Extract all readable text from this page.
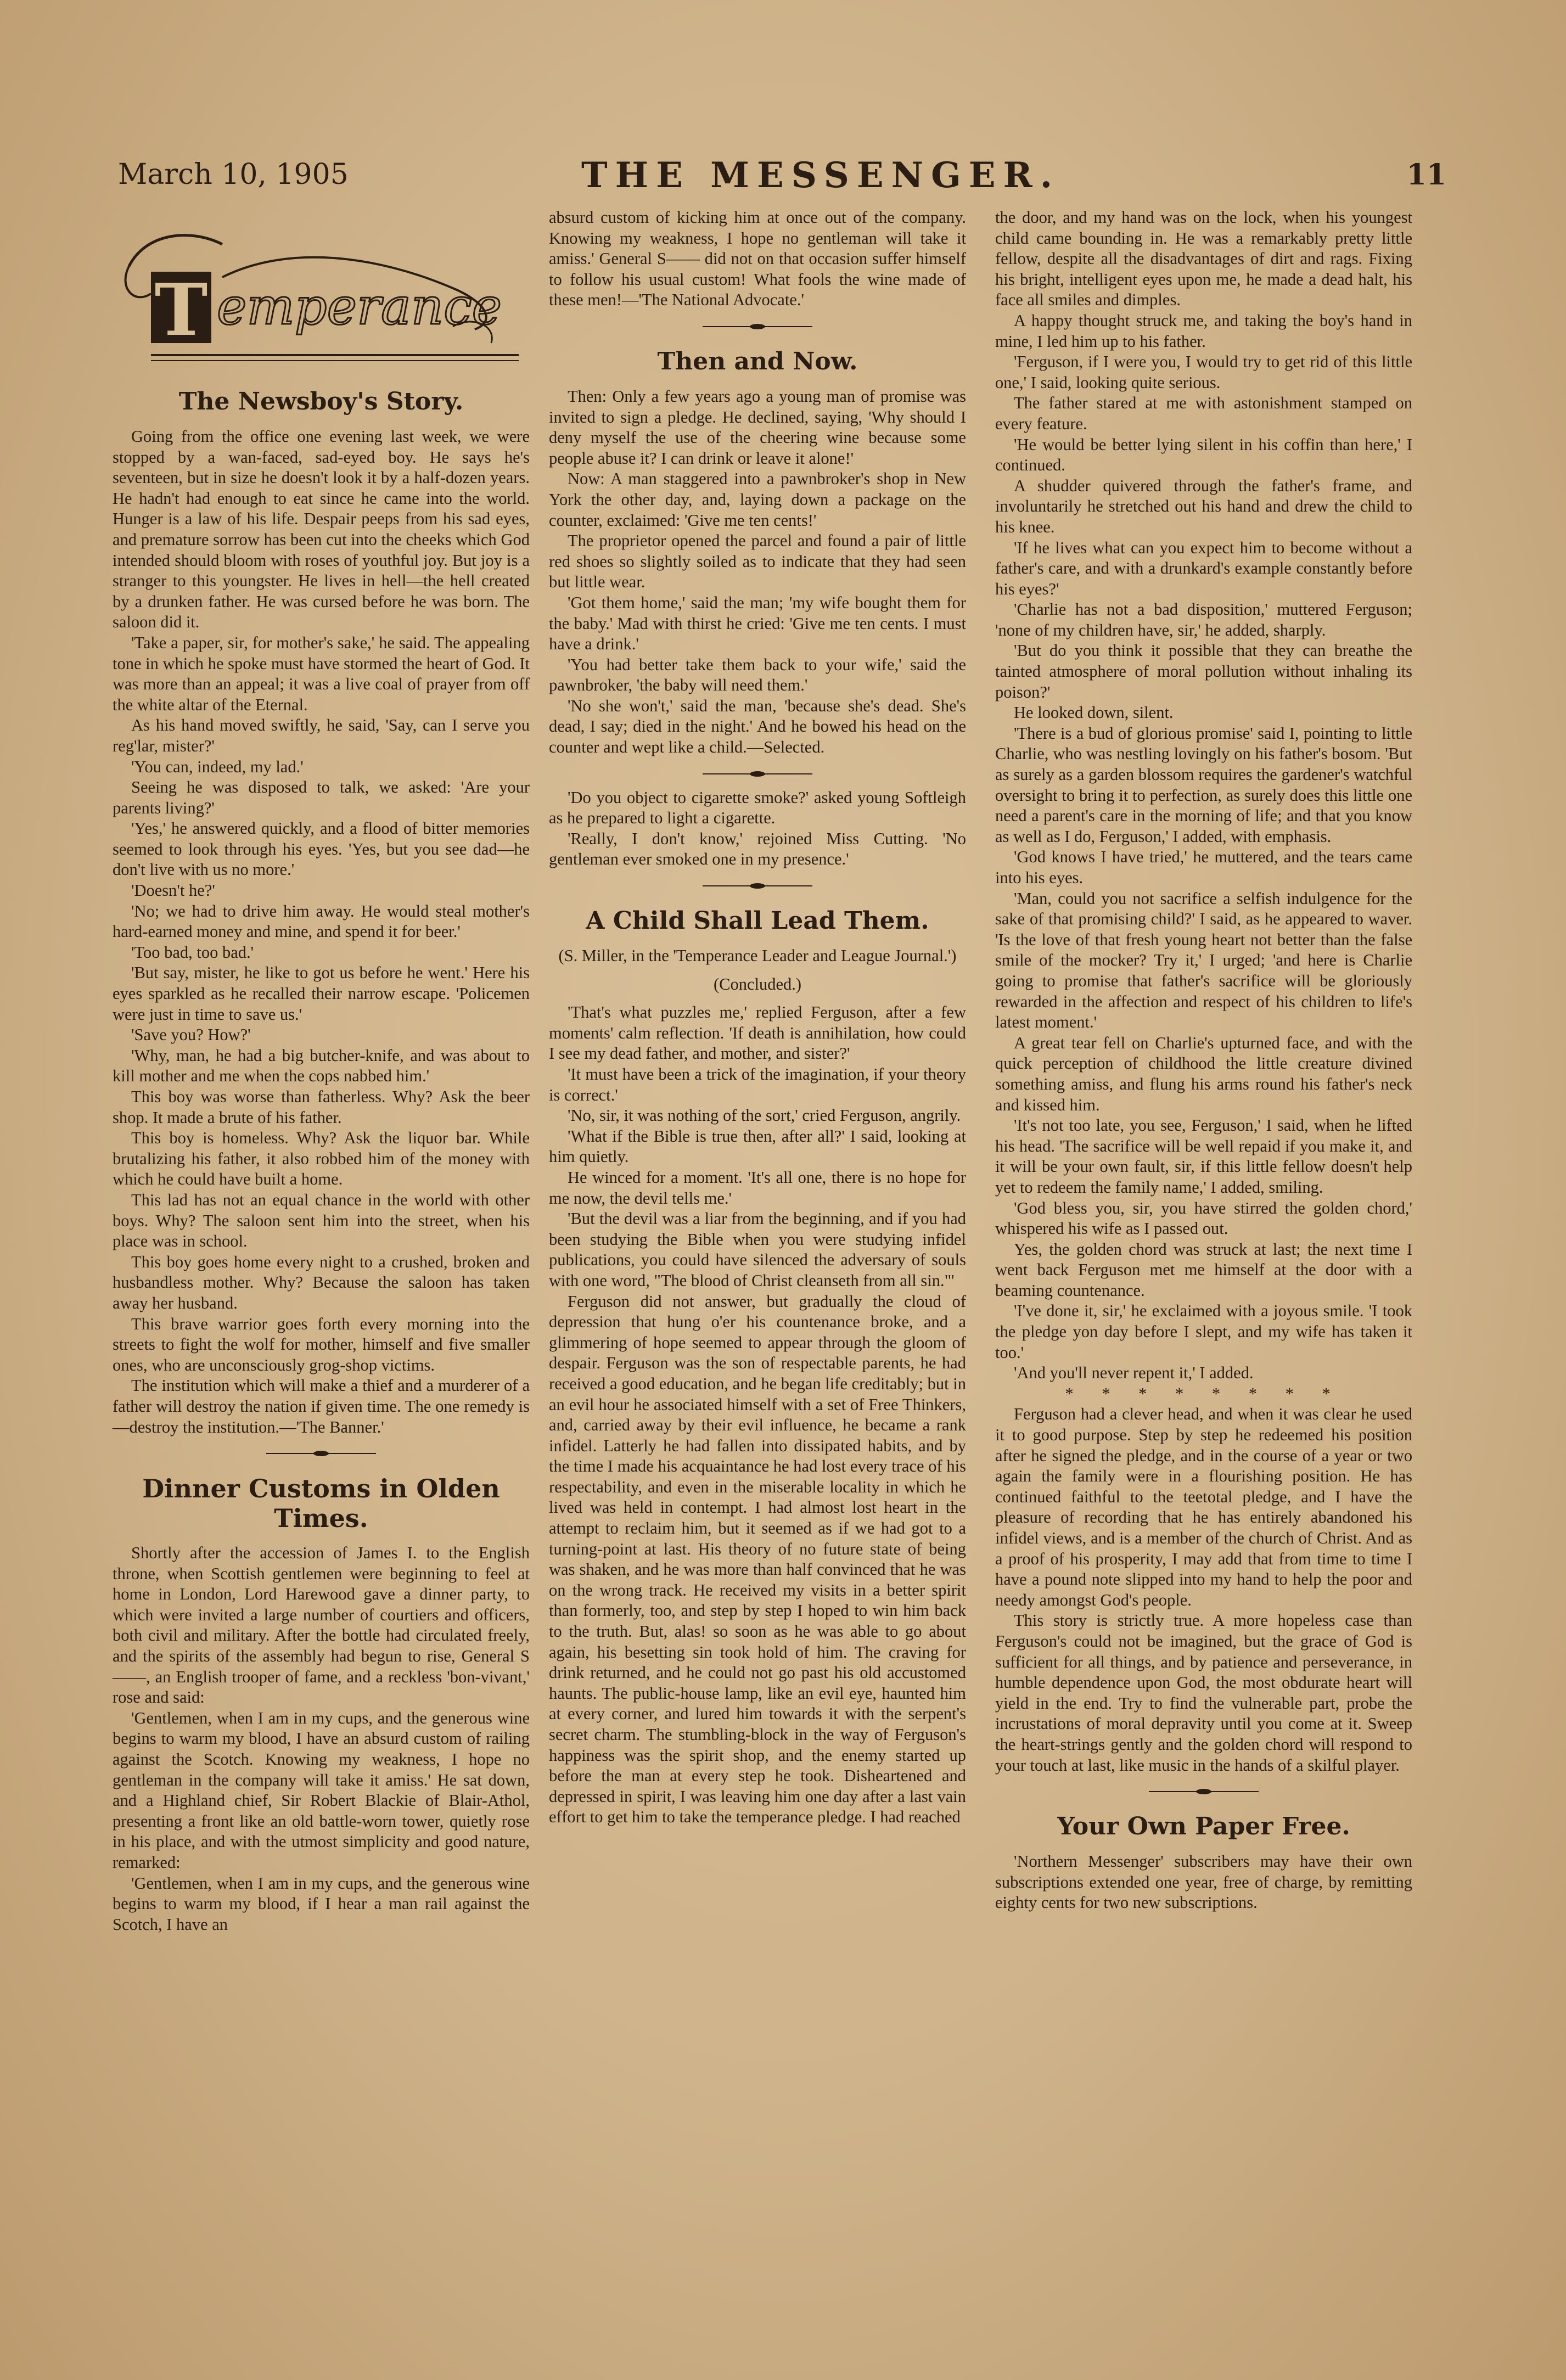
March 10, 1905	THE MESSENGER.	11
T emperance
The Newsboy's Story.

Going from the office one evening last week, we were stopped by a wan-faced, sad-eyed boy. He says he's seventeen, but in size he doesn't look it by a half-dozen years. He hadn't had enough to eat since he came into the world. Hunger is a law of his life. Despair peeps from his sad eyes, and premature sorrow has been cut into the cheeks which God intended should bloom with roses of youthful joy. But joy is a stranger to this youngster. He lives in hell—the hell created by a drunken father. He was cursed before he was born. The saloon did it.

'Take a paper, sir, for mother's sake,' he said. The appealing tone in which he spoke must have stormed the heart of God. It was more than an appeal; it was a live coal of prayer from off the white altar of the Eternal.

As his hand moved swiftly, he said, 'Say, can I serve you reg'lar, mister?'

'You can, indeed, my lad.'

Seeing he was disposed to talk, we asked: 'Are your parents living?'

'Yes,' he answered quickly, and a flood of bitter memories seemed to look through his eyes. 'Yes, but you see dad—he don't live with us no more.'

'Doesn't he?'

'No; we had to drive him away. He would steal mother's hard-earned money and mine, and spend it for beer.'

'Too bad, too bad.'

'But say, mister, he like to got us before he went.' Here his eyes sparkled as he recalled their narrow escape. 'Policemen were just in time to save us.'

'Save you? How?'

'Why, man, he had a big butcher-knife, and was about to kill mother and me when the cops nabbed him.'

This boy was worse than fatherless. Why? Ask the beer shop. It made a brute of his father.

This boy is homeless. Why? Ask the liquor bar. While brutalizing his father, it also robbed him of the money with which he could have built a home.

This lad has not an equal chance in the world with other boys. Why? The saloon sent him into the street, when his place was in school.

This boy goes home every night to a crushed, broken and husbandless mother. Why? Because the saloon has taken away her husband.

This brave warrior goes forth every morning into the streets to fight the wolf for mother, himself and five smaller ones, who are unconsciously grog-shop victims.

The institution which will make a thief and a murderer of a father will destroy the nation if given time. The one remedy is—destroy the institution.—'The Banner.'

Dinner Customs in Olden Times.

Shortly after the accession of James I. to the English throne, when Scottish gentlemen were beginning to feel at home in London, Lord Harewood gave a dinner party, to which were invited a large number of courtiers and officers, both civil and military. After the bottle had circulated freely, and the spirits of the assembly had begun to rise, General S——, an English trooper of fame, and a reckless 'bon-vivant,' rose and said:

'Gentlemen, when I am in my cups, and the generous wine begins to warm my blood, I have an absurd custom of railing against the Scotch. Knowing my weakness, I hope no gentleman in the company will take it amiss.' He sat down, and a Highland chief, Sir Robert Blackie of Blair-Athol, presenting a front like an old battle-worn tower, quietly rose in his place, and with the utmost simplicity and good nature, remarked:

'Gentlemen, when I am in my cups, and the generous wine begins to warm my blood, if I hear a man rail against the Scotch, I have an

absurd custom of kicking him at once out of the company. Knowing my weakness, I hope no gentleman will take it amiss.' General S—— did not on that occasion suffer himself to follow his usual custom! What fools the wine made of these men!—'The National Advocate.'

Then and Now.

Then: Only a few years ago a young man of promise was invited to sign a pledge. He declined, saying, 'Why should I deny myself the use of the cheering wine because some people abuse it? I can drink or leave it alone!'

Now: A man staggered into a pawnbroker's shop in New York the other day, and, laying down a package on the counter, exclaimed: 'Give me ten cents!'

The proprietor opened the parcel and found a pair of little red shoes so slightly soiled as to indicate that they had seen but little wear.

'Got them home,' said the man; 'my wife bought them for the baby.' Mad with thirst he cried: 'Give me ten cents. I must have a drink.'

'You had better take them back to your wife,' said the pawnbroker, 'the baby will need them.'

'No she won't,' said the man, 'because she's dead. She's dead, I say; died in the night.' And he bowed his head on the counter and wept like a child.—Selected.

'Do you object to cigarette smoke?' asked young Softleigh as he prepared to light a cigarette.

'Really, I don't know,' rejoined Miss Cutting. 'No gentleman ever smoked one in my presence.'

A Child Shall Lead Them.

(S. Miller, in the 'Temperance Leader and League Journal.')

(Concluded.)

'That's what puzzles me,' replied Ferguson, after a few moments' calm reflection. 'If death is annihilation, how could I see my dead father, and mother, and sister?'

'It must have been a trick of the imagination, if your theory is correct.'

'No, sir, it was nothing of the sort,' cried Ferguson, angrily.

'What if the Bible is true then, after all?' I said, looking at him quietly.

He winced for a moment. 'It's all one, there is no hope for me now, the devil tells me.'

'But the devil was a liar from the beginning, and if you had been studying the Bible when you were studying infidel publications, you could have silenced the adversary of souls with one word, "The blood of Christ cleanseth from all sin."'

Ferguson did not answer, but gradually the cloud of depression that hung o'er his countenance broke, and a glimmering of hope seemed to appear through the gloom of despair. Ferguson was the son of respectable parents, he had received a good education, and he began life creditably; but in an evil hour he associated himself with a set of Free Thinkers, and, carried away by their evil influence, he became a rank infidel. Latterly he had fallen into dissipated habits, and by the time I made his acquaintance he had lost every trace of his respectability, and even in the miserable locality in which he lived was held in contempt. I had almost lost heart in the attempt to reclaim him, but it seemed as if we had got to a turning-point at last. His theory of no future state of being was shaken, and he was more than half convinced that he was on the wrong track. He received my visits in a better spirit than formerly, too, and step by step I hoped to win him back to the truth. But, alas! so soon as he was able to go about again, his besetting sin took hold of him. The craving for drink returned, and he could not go past his old accustomed haunts. The public-house lamp, like an evil eye, haunted him at every corner, and lured him towards it with the serpent's secret charm. The stumbling-block in the way of Ferguson's happiness was the spirit shop, and the enemy started up before the man at every step he took. Disheartened and depressed in spirit, I was leaving him one day after a last vain effort to get him to take the temperance pledge. I had reached

the door, and my hand was on the lock, when his youngest child came bounding in. He was a remarkably pretty little fellow, despite all the disadvantages of dirt and rags. Fixing his bright, intelligent eyes upon me, he made a dead halt, his face all smiles and dimples.

A happy thought struck me, and taking the boy's hand in mine, I led him up to his father.

'Ferguson, if I were you, I would try to get rid of this little one,' I said, looking quite serious.

The father stared at me with astonishment stamped on every feature.

'He would be better lying silent in his coffin than here,' I continued.

A shudder quivered through the father's frame, and involuntarily he stretched out his hand and drew the child to his knee.

'If he lives what can you expect him to become without a father's care, and with a drunkard's example constantly before his eyes?'

'Charlie has not a bad disposition,' muttered Ferguson; 'none of my children have, sir,' he added, sharply.

'But do you think it possible that they can breathe the tainted atmosphere of moral pollution without inhaling its poison?'

He looked down, silent.

'There is a bud of glorious promise' said I, pointing to little Charlie, who was nestling lovingly on his father's bosom. 'But as surely as a garden blossom requires the gardener's watchful oversight to bring it to perfection, as surely does this little one need a parent's care in the morning of life; and that you know as well as I do, Ferguson,' I added, with emphasis.

'God knows I have tried,' he muttered, and the tears came into his eyes.

'Man, could you not sacrifice a selfish indulgence for the sake of that promising child?' I said, as he appeared to waver. 'Is the love of that fresh young heart not better than the false smile of the mocker? Try it,' I urged; 'and here is Charlie going to promise that father's sacrifice will be gloriously rewarded in the affection and respect of his children to life's latest moment.'

A great tear fell on Charlie's upturned face, and with the quick perception of childhood the little creature divined something amiss, and flung his arms round his father's neck and kissed him.

'It's not too late, you see, Ferguson,' I said, when he lifted his head. 'The sacrifice will be well repaid if you make it, and it will be your own fault, sir, if this little fellow doesn't help yet to redeem the family name,' I added, smiling.

'God bless you, sir, you have stirred the golden chord,' whispered his wife as I passed out.

Yes, the golden chord was struck at last; the next time I went back Ferguson met me himself at the door with a beaming countenance.

'I've done it, sir,' he exclaimed with a joyous smile. 'I took the pledge yon day before I slept, and my wife has taken it too.'

'And you'll never repent it,' I added.

* * * * * * * *

Ferguson had a clever head, and when it was clear he used it to good purpose. Step by step he redeemed his position after he signed the pledge, and in the course of a year or two again the family were in a flourishing position. He has continued faithful to the teetotal pledge, and I have the pleasure of recording that he has entirely abandoned his infidel views, and is a member of the church of Christ. And as a proof of his prosperity, I may add that from time to time I have a pound note slipped into my hand to help the poor and needy amongst God's people.

This story is strictly true. A more hopeless case than Ferguson's could not be imagined, but the grace of God is sufficient for all things, and by patience and perseverance, in humble dependence upon God, the most obdurate heart will yield in the end. Try to find the vulnerable part, probe the incrustations of moral depravity until you come at it. Sweep the heart-strings gently and the golden chord will respond to your touch at last, like music in the hands of a skilful player.

Your Own Paper Free.

'Northern Messenger' subscribers may have their own subscriptions extended one year, free of charge, by remitting eighty cents for two new subscriptions.
